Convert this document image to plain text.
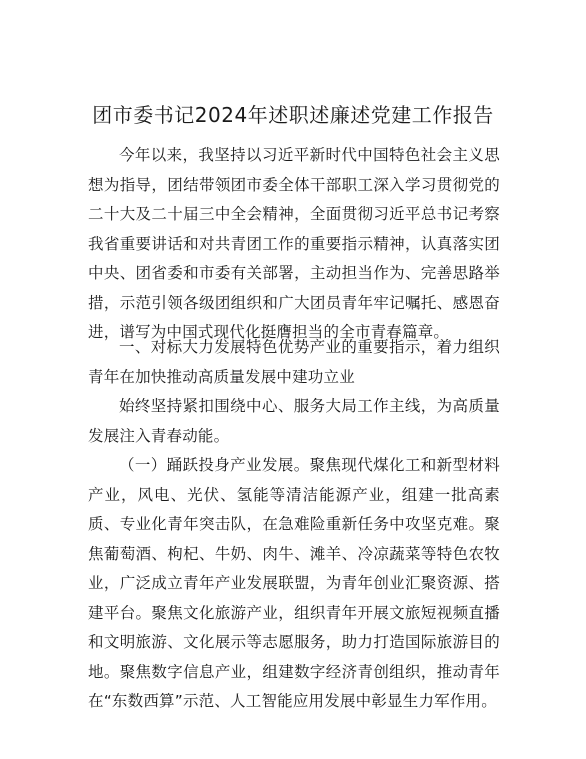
团市委书记2024年述职述廉述党建工作报告

今年以来，我坚持以习近平新时代中国特色社会主义思想为指导，团结带领团市委全体干部职工深入学习贯彻党的二十大及二十届三中全会精神，全面贯彻习近平总书记考察我省重要讲话和对共青团工作的重要指示精神，认真落实团中央、团省委和市委有关部署，主动担当作为、完善思路举措，示范引领各级团组织和广大团员青年牢记嘱托、感恩奋进，谱写为中国式现代化挺膺担当的全市青春篇章。

一、对标大力发展特色优势产业的重要指示，着力组织青年在加快推动高质量发展中建功立业

始终坚持紧扣围绕中心、服务大局工作主线，为高质量发展注入青春动能。

（一）踊跃投身产业发展。聚焦现代煤化工和新型材料产业，风电、光伏、氢能等清洁能源产业，组建一批高素质、专业化青年突击队，在急难险重新任务中攻坚克难。聚焦葡萄酒、枸杞、牛奶、肉牛、滩羊、冷凉蔬菜等特色农牧业，广泛成立青年产业发展联盟，为青年创业汇聚资源、搭建平台。聚焦文化旅游产业，组织青年开展文旅短视频直播和文明旅游、文化展示等志愿服务，助力打造国际旅游目的地。聚焦数字信息产业，组建数字经济青创组织，推动青年在“东数西算”示范、人工智能应用发展中彰显生力军作用。
